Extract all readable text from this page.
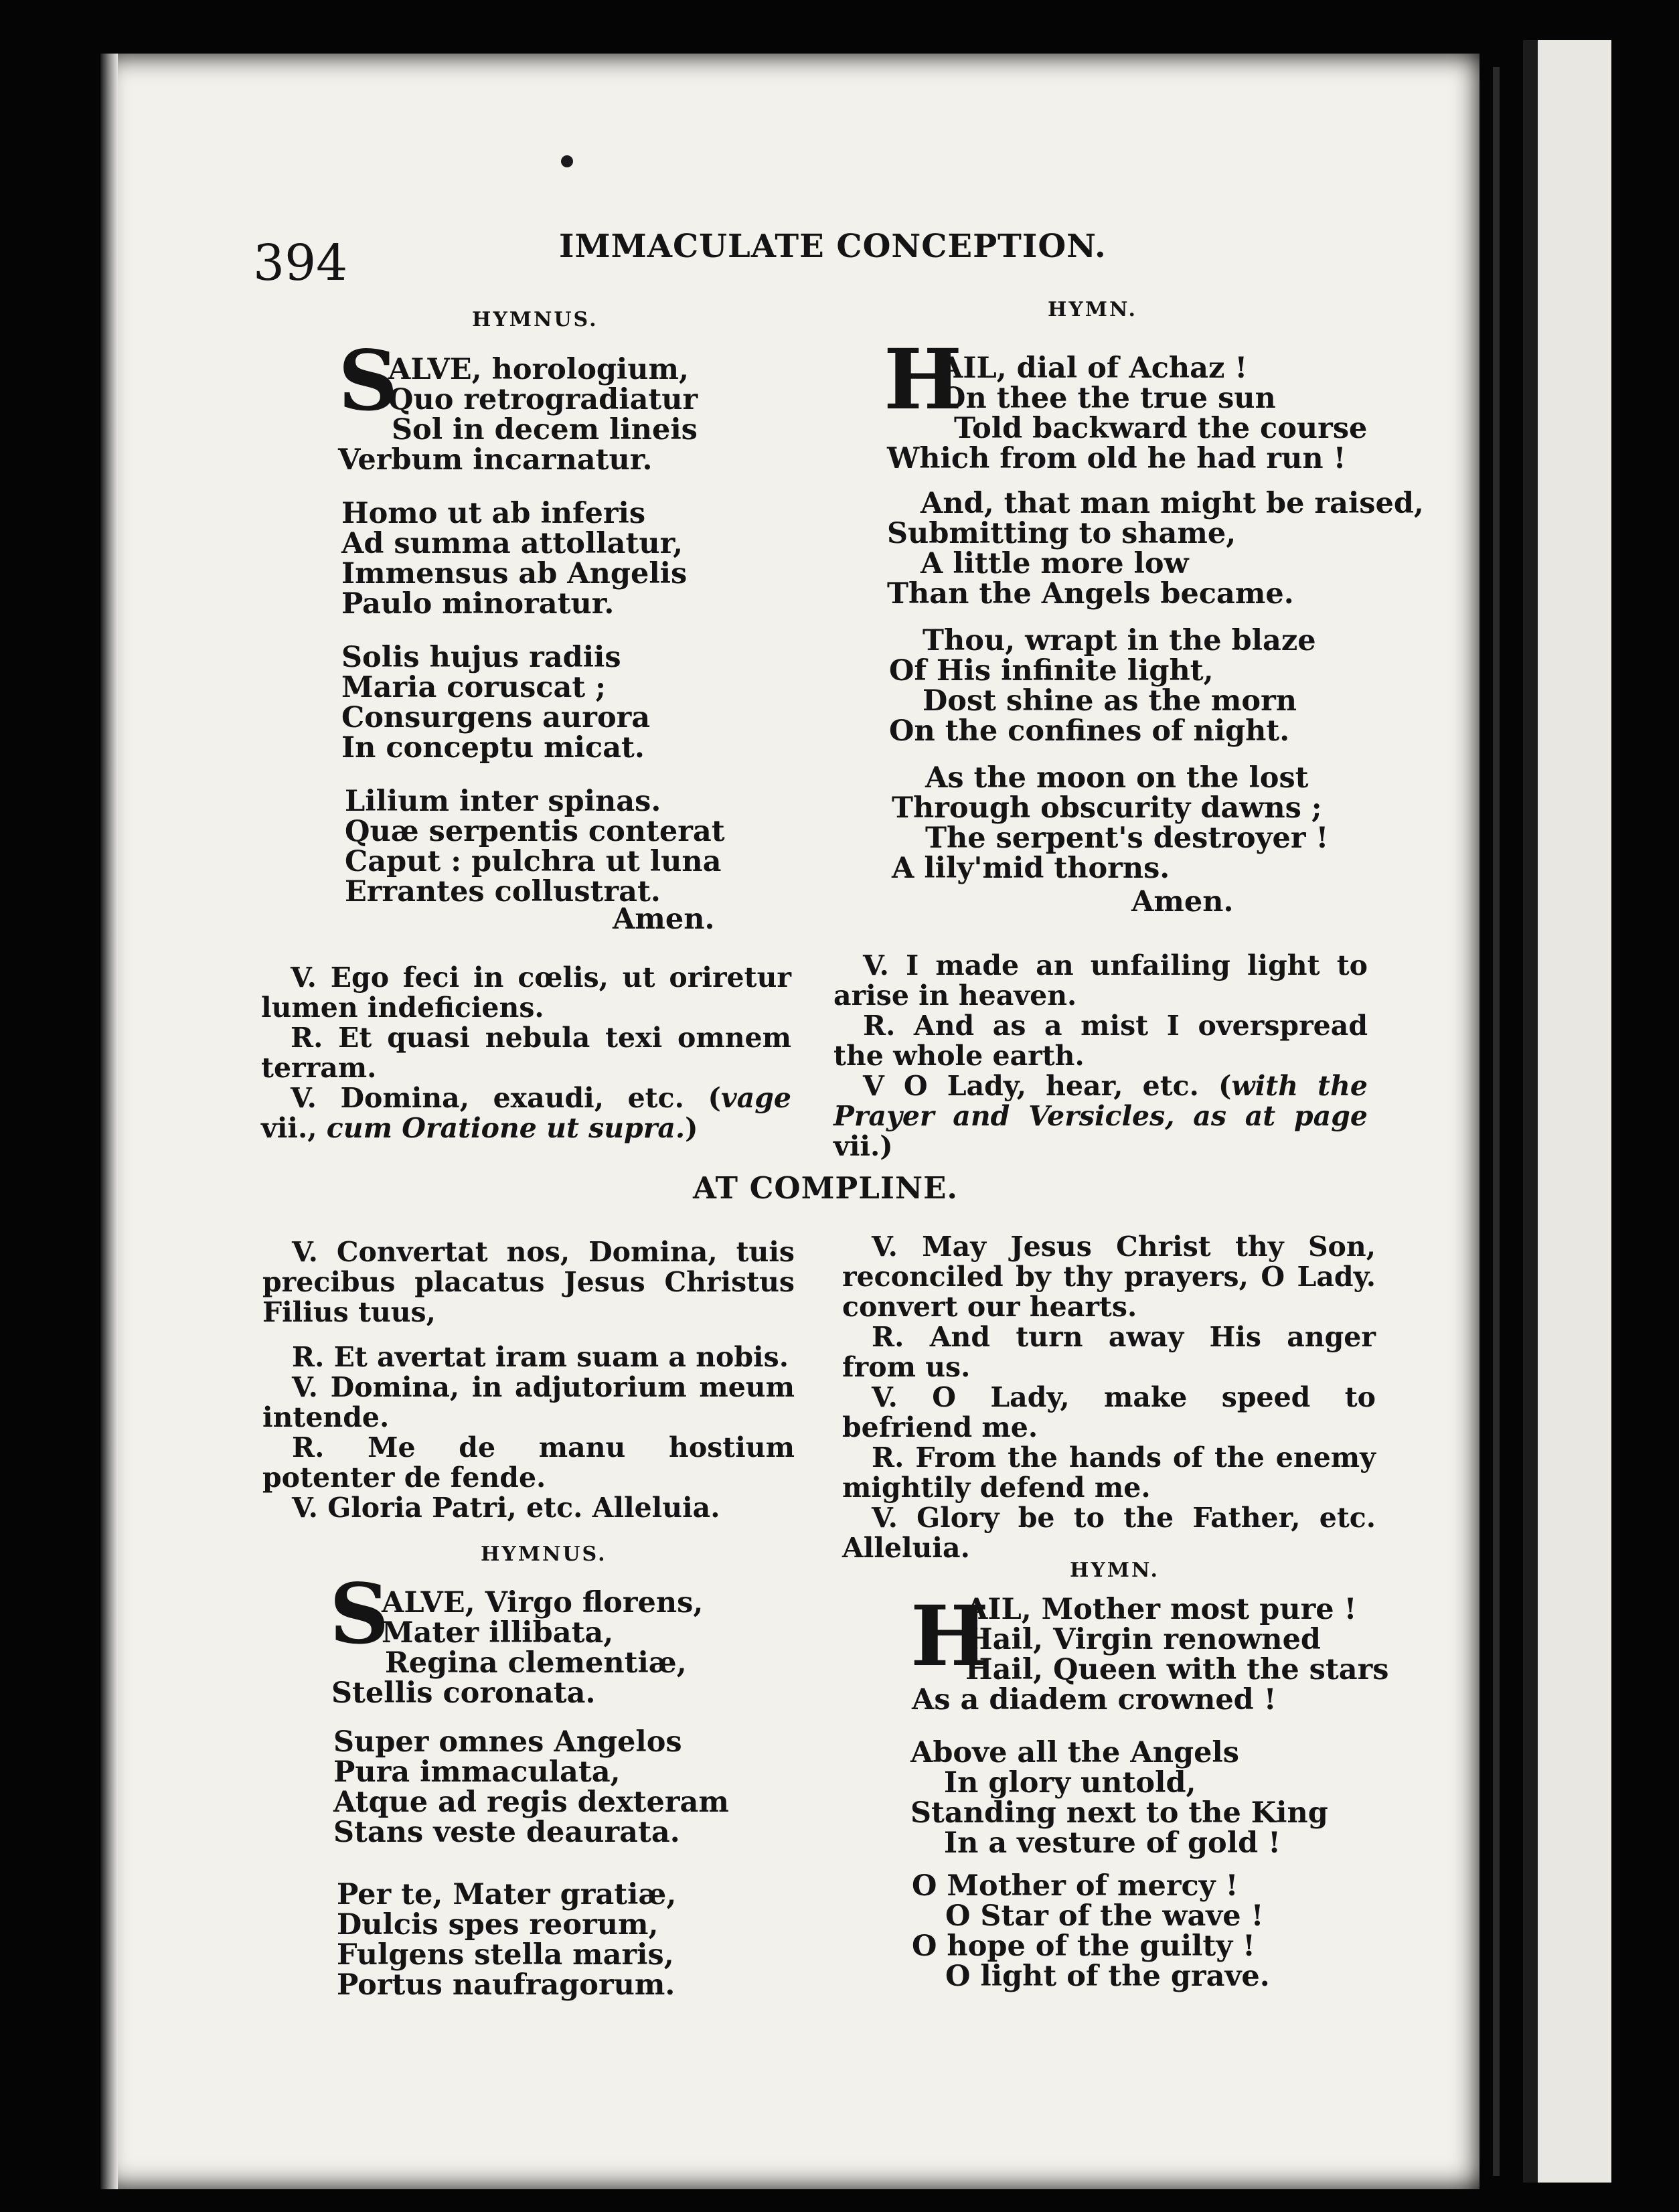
394	IMMACULATE CONCEPTION.
HYMNUS.
S
ALVE, horologium,
Quo retrogradiatur
Sol in decem lineis
Verbum incarnatur.
Homo ut ab inferis
Ad summa attollatur,
Immensus ab Angelis
Paulo minoratur.
Solis hujus radiis
Maria coruscat ;
Consurgens aurora
In conceptu micat.
Lilium inter spinas.
Quæ serpentis conterat
Caput : pulchra ut luna
Errantes collustrat.
Amen.
HYMN.
H
AIL, dial of Achaz !
On thee the true sun
Told backward the course
Which from old he had run !
And, that man might be raised,
Submitting to shame,
A little more low
Than the Angels became.
Thou, wrapt in the blaze
Of His infinite light,
Dost shine as the morn
On the confines of night.
As the moon on the lost
Through obscurity dawns ;
The serpent's destroyer !
A lily'mid thorns.
Amen.
V. Ego feci in cœlis, ut oriretur lumen indeficiens.
R. Et quasi nebula texi omnem terram.
V. Domina, exaudi, etc. (vage vii., cum Oratione ut supra.)
V. I made an unfailing light to arise in heaven.
R. And as a mist I overspread the whole earth.
V O Lady, hear, etc. (with the Prayer and Versicles, as at page vii.)
AT COMPLINE.
V. Convertat nos, Domina, tuis precibus placatus Jesus Christus Filius tuus,
R. Et avertat iram suam a nobis.
V. Domina, in adjutorium meum intende.
R. Me de manu hostium potenter de fende.
V. Gloria Patri, etc. Alleluia.
V. May Jesus Christ thy Son, reconciled by thy prayers, O Lady. convert our hearts.
R. And turn away His anger from us.
V. O Lady, make speed to befriend me.
R. From the hands of the enemy mightily defend me.
V. Glory be to the Father, etc. Alleluia.
HYMNUS.
S
ALVE, Virgo florens,
Mater illibata,
Regina clementiæ,
Stellis coronata.
Super omnes Angelos
Pura immaculata,
Atque ad regis dexteram
Stans veste deaurata.
Per te, Mater gratiæ,
Dulcis spes reorum,
Fulgens stella maris,
Portus naufragorum.
HYMN.
H
AIL, Mother most pure !
Hail, Virgin renowned
Hail, Queen with the stars
As a diadem crowned !
Above all the Angels
In glory untold,
Standing next to the King
In a vesture of gold !
O Mother of mercy !
O Star of the wave !
O hope of the guilty !
O light of the grave.
